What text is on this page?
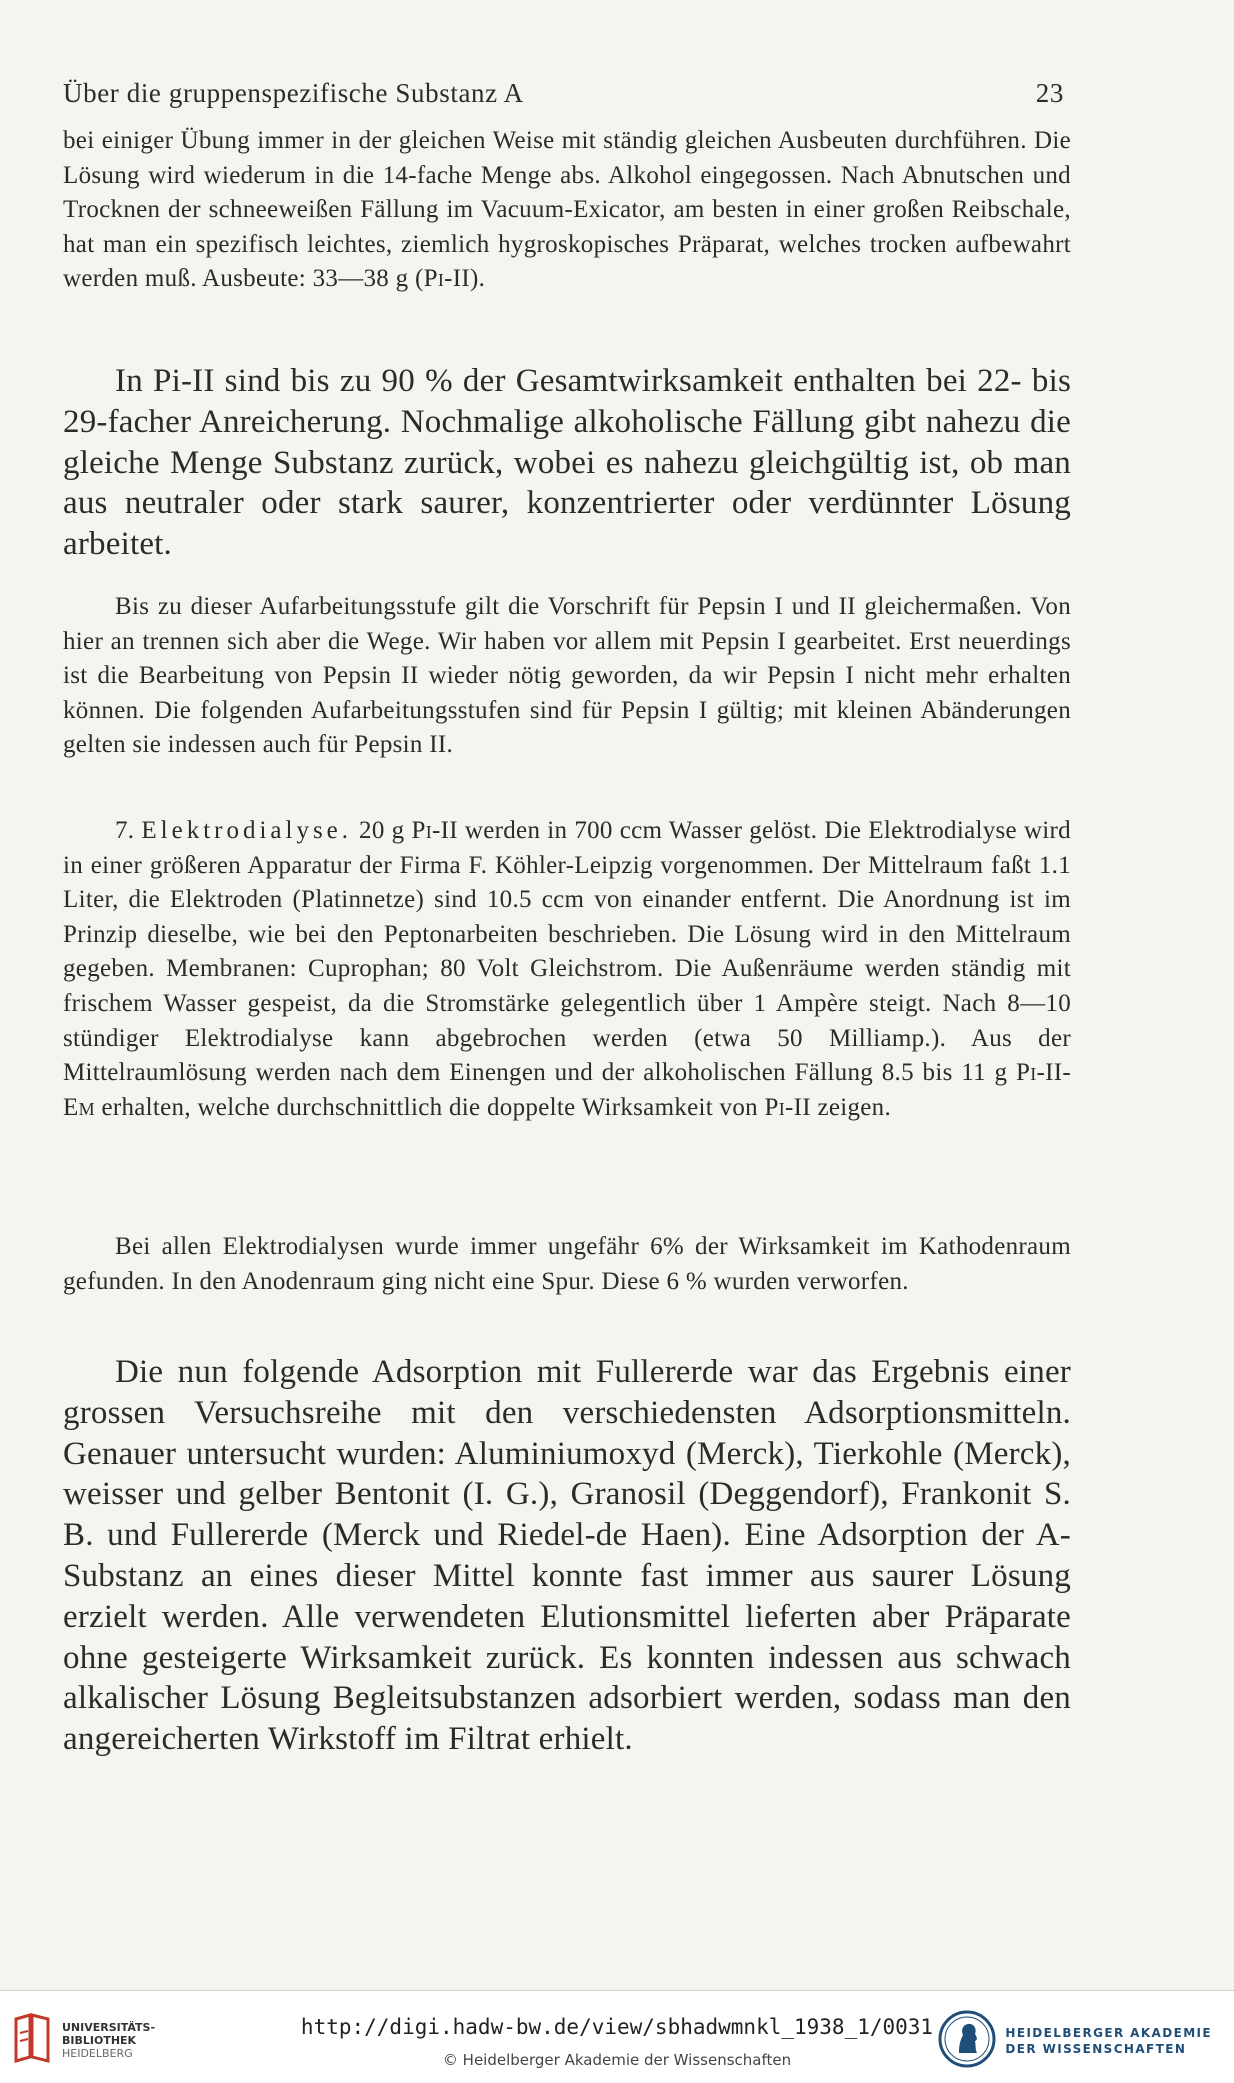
Über die gruppenspezifische Substanz A	23

bei einiger Übung immer in der gleichen Weise mit ständig gleichen Ausbeuten durchführen. Die Lösung wird wiederum in die 14-fache Menge abs. Alkohol eingegossen. Nach Abnutschen und Trocknen der schneeweißen Fällung im Vacuum-Exicator, am besten in einer großen Reibschale, hat man ein spezifisch leichtes, ziemlich hygroskopisches Präparat, welches trocken aufbewahrt werden muß. Ausbeute: 33—38 g (Pi-II).

In Pi-II sind bis zu 90 % der Gesamtwirksamkeit enthalten bei 22- bis 29-facher Anreicherung. Nochmalige alkoholische Fällung gibt nahezu die gleiche Menge Substanz zurück, wobei es nahezu gleichgültig ist, ob man aus neutraler oder stark saurer, konzentrierter oder verdünnter Lösung arbeitet.

Bis zu dieser Aufarbeitungsstufe gilt die Vorschrift für Pepsin I und II gleichermaßen. Von hier an trennen sich aber die Wege. Wir haben vor allem mit Pepsin I gearbeitet. Erst neuerdings ist die Bearbeitung von Pepsin II wieder nötig geworden, da wir Pepsin I nicht mehr erhalten können. Die folgenden Aufarbeitungsstufen sind für Pepsin I gültig; mit kleinen Abänderungen gelten sie indessen auch für Pepsin II.

7. Elektrodialyse. 20 g Pi-II werden in 700 ccm Wasser gelöst. Die Elektrodialyse wird in einer größeren Apparatur der Firma F. Köhler-Leipzig vorgenommen. Der Mittelraum faßt 1.1 Liter, die Elektroden (Platinnetze) sind 10.5 ccm von einander entfernt. Die Anordnung ist im Prinzip dieselbe, wie bei den Peptonarbeiten beschrieben. Die Lösung wird in den Mittelraum gegeben. Membranen: Cuprophan; 80 Volt Gleichstrom. Die Außenräume werden ständig mit frischem Wasser gespeist, da die Stromstärke gelegentlich über 1 Ampère steigt. Nach 8—10 stündiger Elektrodialyse kann abgebrochen werden (etwa 50 Milliamp.). Aus der Mittelraumlösung werden nach dem Einengen und der alkoholischen Fällung 8.5 bis 11 g Pi-II-Em erhalten, welche durchschnittlich die doppelte Wirksamkeit von Pi-II zeigen.

Bei allen Elektrodialysen wurde immer ungefähr 6% der Wirksamkeit im Kathodenraum gefunden. In den Anodenraum ging nicht eine Spur. Diese 6 % wurden verworfen.

Die nun folgende Adsorption mit Fullererde war das Ergebnis einer grossen Versuchsreihe mit den verschiedensten Adsorptionsmitteln. Genauer untersucht wurden: Aluminiumoxyd (Merck), Tierkohle (Merck), weisser und gelber Bentonit (I. G.), Granosil (Deggendorf), Frankonit S. B. und Fullererde (Merck und Riedel-de Haen). Eine Adsorption der A-Substanz an eines dieser Mittel konnte fast immer aus saurer Lösung erzielt werden. Alle verwendeten Elutionsmittel lieferten aber Präparate ohne gesteigerte Wirksamkeit zurück. Es konnten indessen aus schwach alkalischer Lösung Begleitsubstanzen adsorbiert werden, sodass man den angereicherten Wirkstoff im Filtrat erhielt.

UNIVERSITÄTS-
BIBLIOTHEK
HEIDELBERG
http://digi.hadw-bw.de/view/sbhadwmnkl_1938_1/0031
© Heidelberger Akademie der Wissenschaften
HEIDELBERGER AKADEMIE
DER WISSENSCHAFTEN
